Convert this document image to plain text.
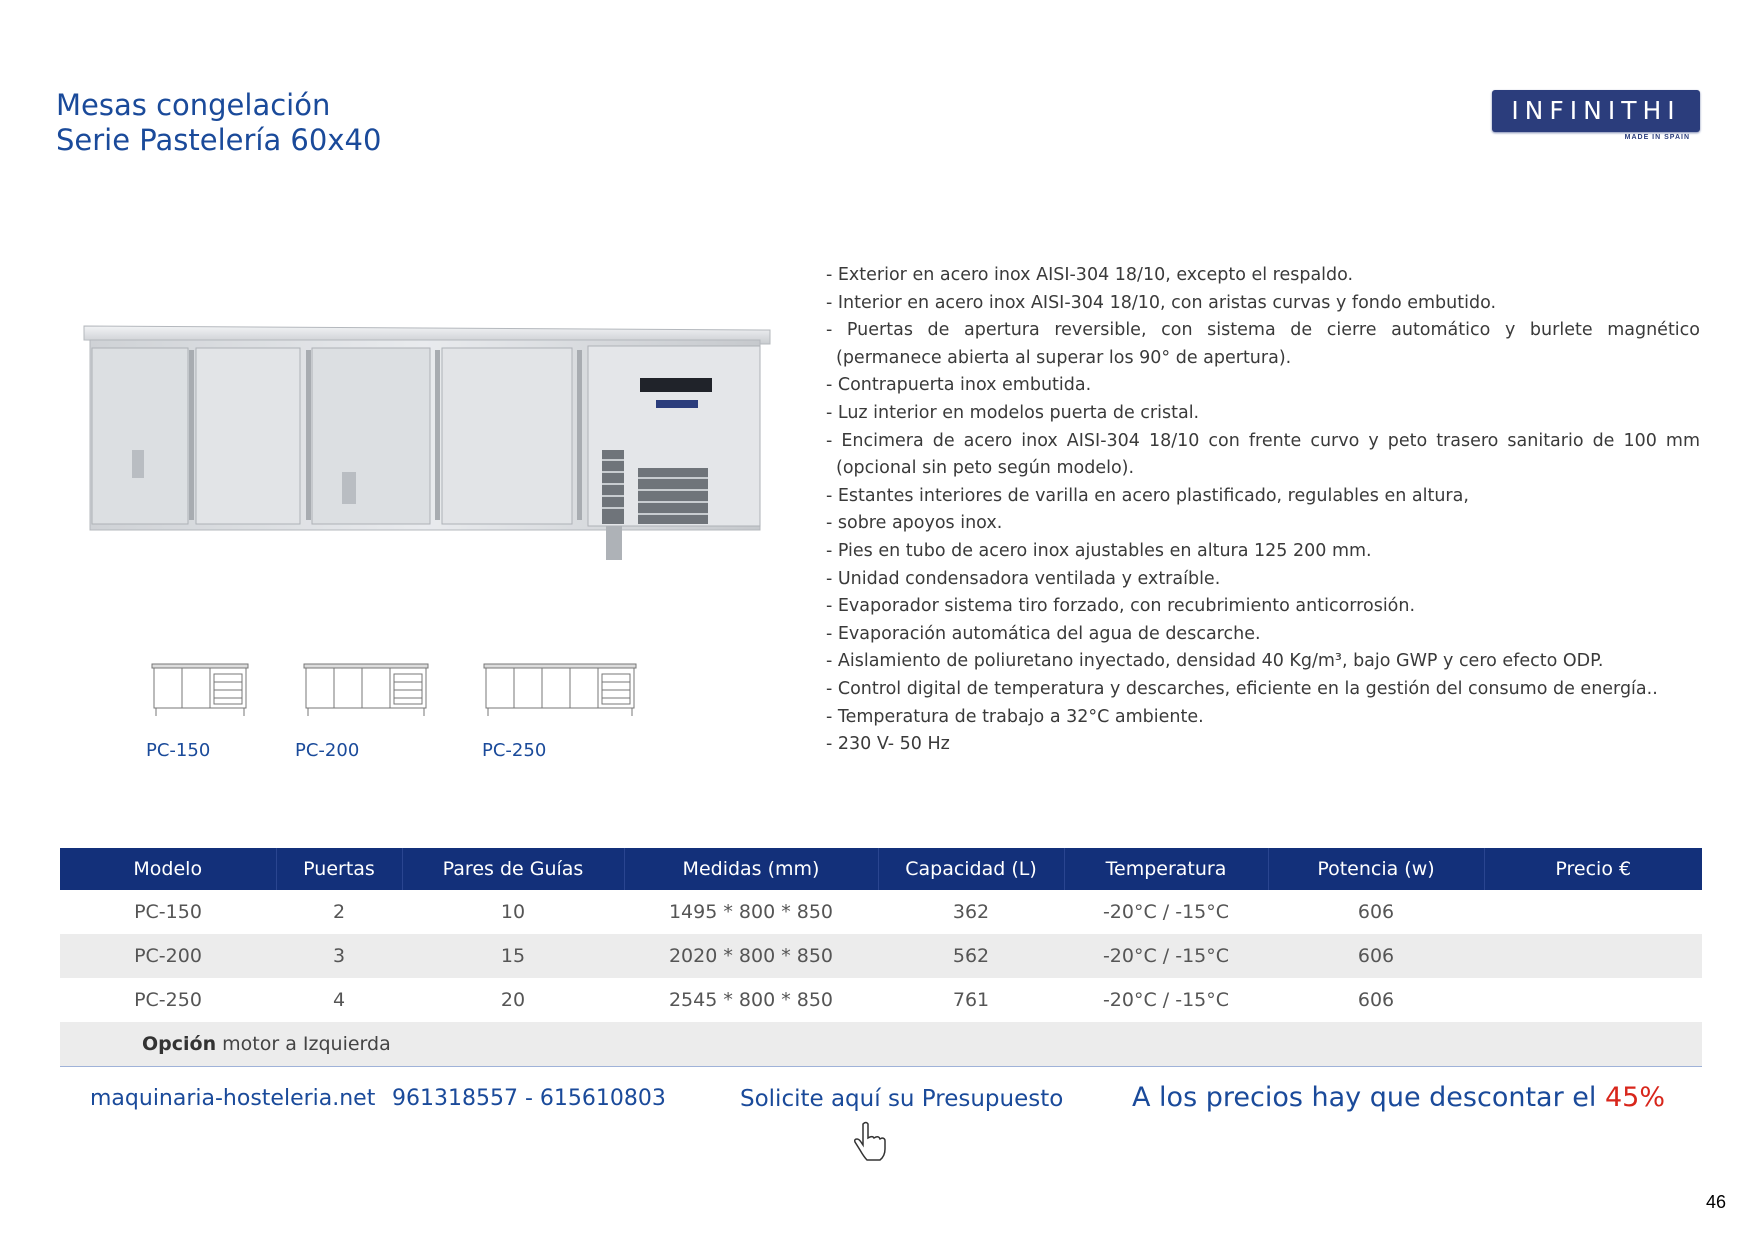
Mesas congelación
Serie Pastelería 60x40
INFINITHI
MADE IN SPAIN
PC-150	PC-200	PC-250
- Exterior en acero inox AISI-304 18/10, excepto el respaldo.
- Interior en acero inox AISI-304 18/10, con aristas curvas y fondo embutido.
- Puertas de apertura reversible, con sistema de cierre automático y burlete magnético (permanece abierta al superar los 90° de apertura).
- Contrapuerta inox embutida.
- Luz interior en modelos puerta de cristal.
- Encimera de acero inox AISI-304 18/10 con frente curvo y peto trasero sanitario de 100 mm (opcional sin peto según modelo).
- Estantes interiores de varilla en acero plastificado, regulables en altura,
- sobre apoyos inox.
- Pies en tubo de acero inox ajustables en altura 125 200 mm.
- Unidad condensadora ventilada y extraíble.
- Evaporador sistema tiro forzado, con recubrimiento anticorrosión.
- Evaporación automática del agua de descarche.
- Aislamiento de poliuretano inyectado, densidad 40 Kg/m³, bajo GWP y cero efecto ODP.
- Control digital de temperatura y descarches, eficiente en la gestión del consumo de energía..
- Temperatura de trabajo a 32°C ambiente.
- 230 V- 50 Hz
Modelo	Puertas	Pares de Guías	Medidas (mm)	Capacidad (L)	Temperatura	Potencia (w)	Precio €
PC-150	2	10	1495 * 800 * 850	362	-20°C / -15°C	606	
PC-200	3	15	2020 * 800 * 850	562	-20°C / -15°C	606	
PC-250	4	20	2545 * 800 * 850	761	-20°C / -15°C	606	
Opción motor a Izquierda							
maquinaria-hosteleria.net 961318557 - 615610803	Solicite aquí su Presupuesto	A los precios hay que descontar el 45%
46
